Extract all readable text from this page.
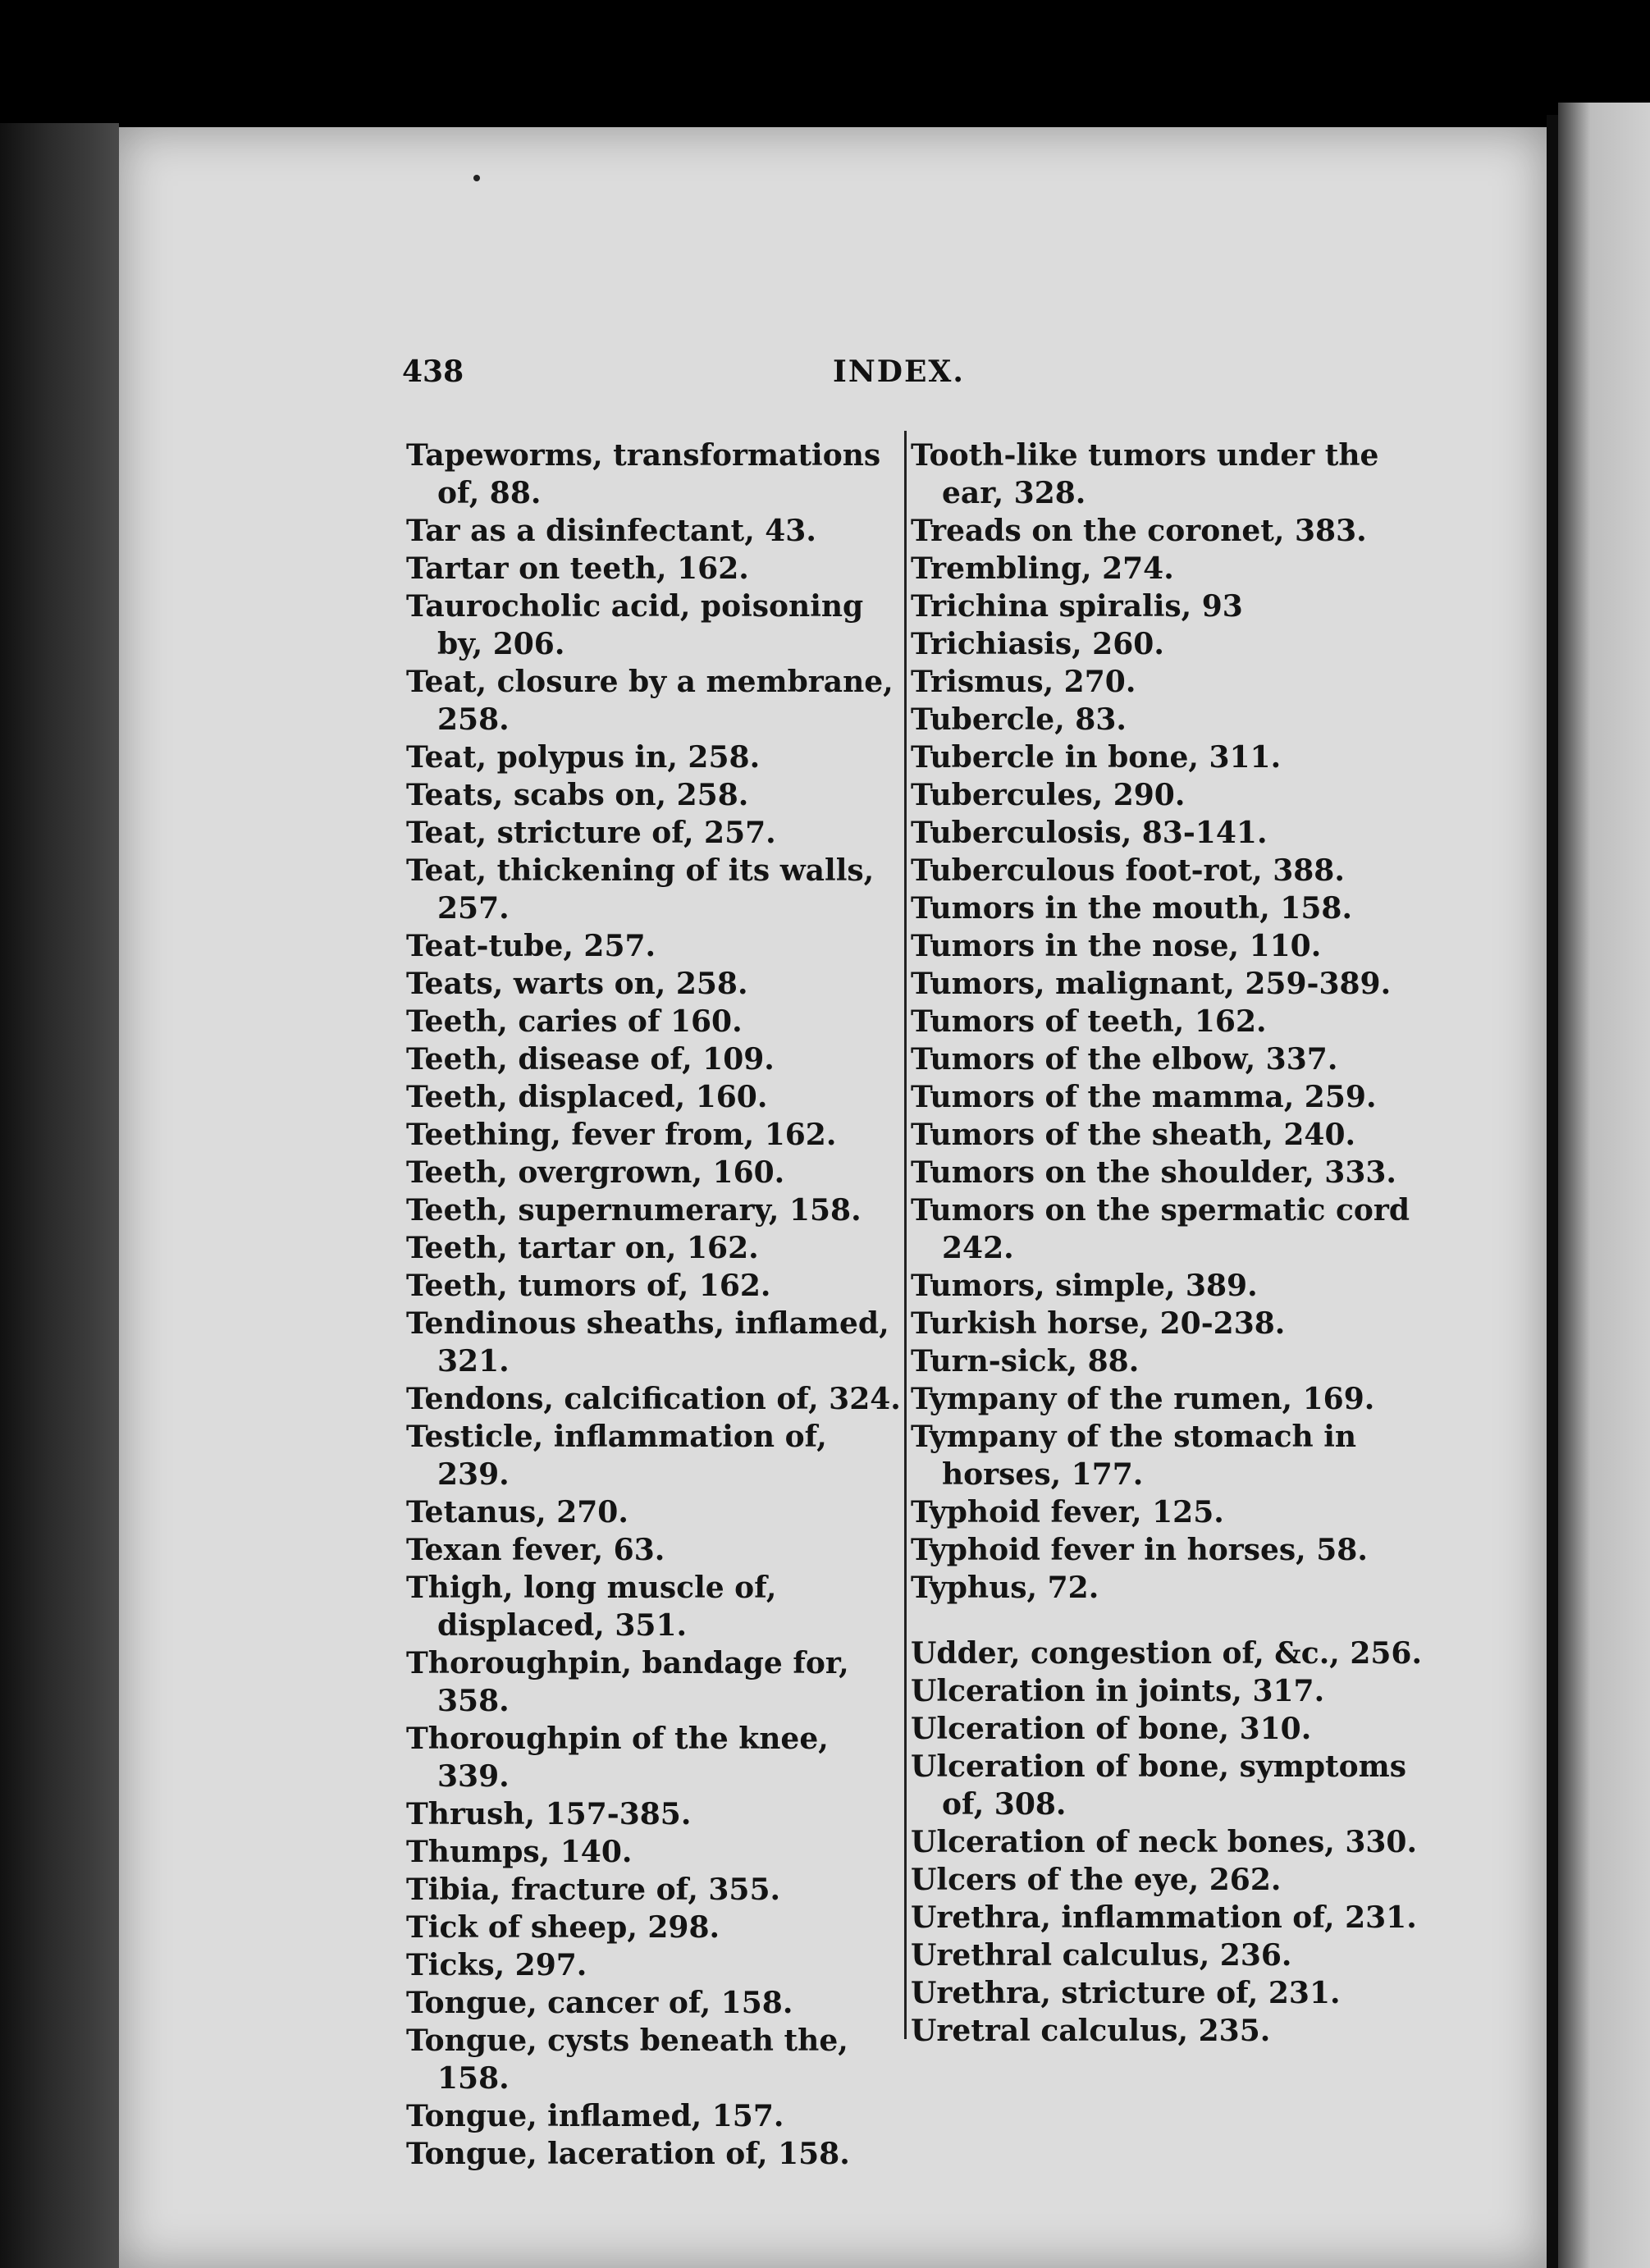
438	INDEX.

Tapeworms, transformations of, 88.

Tar as a disinfectant, 43.

Tartar on teeth, 162.

Taurocholic acid, poisoning by, 206.

Teat, closure by a membrane, 258.

Teat, polypus in, 258.

Teats, scabs on, 258.

Teat, stricture of, 257.

Teat, thickening of its walls, 257.

Teat-tube, 257.

Teats, warts on, 258.

Teeth, caries of 160.

Teeth, disease of, 109.

Teeth, displaced, 160.

Teething, fever from, 162.

Teeth, overgrown, 160.

Teeth, supernumerary, 158.

Teeth, tartar on, 162.

Teeth, tumors of, 162.

Tendinous sheaths, inflamed, 321.

Tendons, calcification of, 324.

Testicle, inflammation of, 239.

Tetanus, 270.

Texan fever, 63.

Thigh, long muscle of, displaced, 351.

Thoroughpin, bandage for, 358.

Thoroughpin of the knee, 339.

Thrush, 157-385.

Thumps, 140.

Tibia, fracture of, 355.

Tick of sheep, 298.

Ticks, 297.

Tongue, cancer of, 158.

Tongue, cysts beneath the, 158.

Tongue, inflamed, 157.

Tongue, laceration of, 158.

Tooth-like tumors under the ear, 328.

Treads on the coronet, 383.

Trembling, 274.

Trichina spiralis, 93

Trichiasis, 260.

Trismus, 270.

Tubercle, 83.

Tubercle in bone, 311.

Tubercules, 290.

Tuberculosis, 83-141.

Tuberculous foot-rot, 388.

Tumors in the mouth, 158.

Tumors in the nose, 110.

Tumors, malignant, 259-389.

Tumors of teeth, 162.

Tumors of the elbow, 337.

Tumors of the mamma, 259.

Tumors of the sheath, 240.

Tumors on the shoulder, 333.

Tumors on the spermatic cord 242.

Tumors, simple, 389.

Turkish horse, 20-238.

Turn-sick, 88.

Tympany of the rumen, 169.

Tympany of the stomach in horses, 177.

Typhoid fever, 125.

Typhoid fever in horses, 58.

Typhus, 72.

Udder, congestion of, &c., 256.

Ulceration in joints, 317.

Ulceration of bone, 310.

Ulceration of bone, symptoms of, 308.

Ulceration of neck bones, 330.

Ulcers of the eye, 262.

Urethra, inflammation of, 231.

Urethral calculus, 236.

Urethra, stricture of, 231.

Uretral calculus, 235.
